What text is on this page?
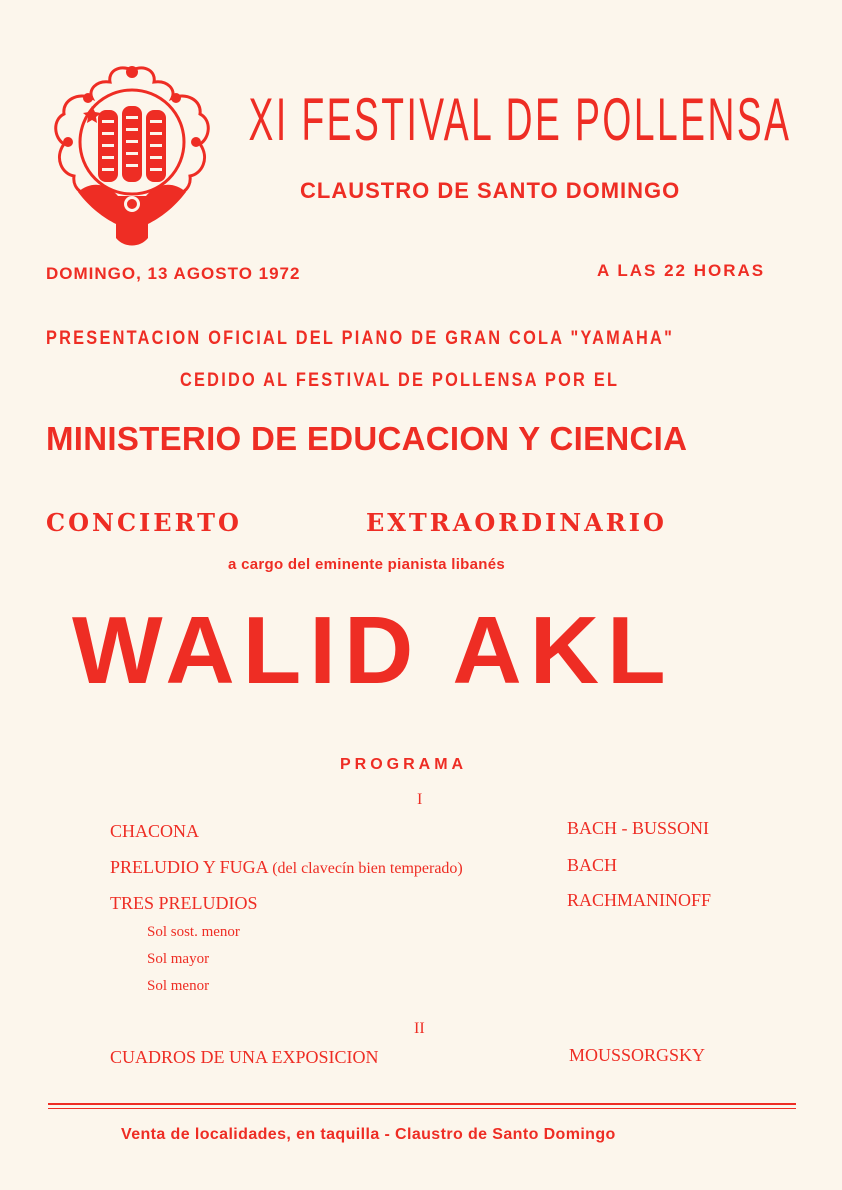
XI FESTIVAL DE POLLENSA
CLAUSTRO DE SANTO DOMINGO
DOMINGO, 13 AGOSTO 1972	A LAS 22 HORAS
PRESENTACION OFICIAL DEL PIANO DE GRAN COLA "YAMAHA"
CEDIDO AL FESTIVAL DE POLLENSA POR EL
MINISTERIO DE EDUCACION Y CIENCIA
CONCIERTO	EXTRAORDINARIO
a cargo del eminente pianista libanés
WALID AKL
PROGRAMA
I
CHACONA	BACH - BUSSONI
PRELUDIO Y FUGA (del clavecín bien temperado)	BACH
TRES PRELUDIOS	RACHMANINOFF
Sol sost. menor
Sol mayor
Sol menor
II
CUADROS DE UNA EXPOSICION	MOUSSORGSKY
Venta de localidades, en taquilla - Claustro de Santo Domingo
